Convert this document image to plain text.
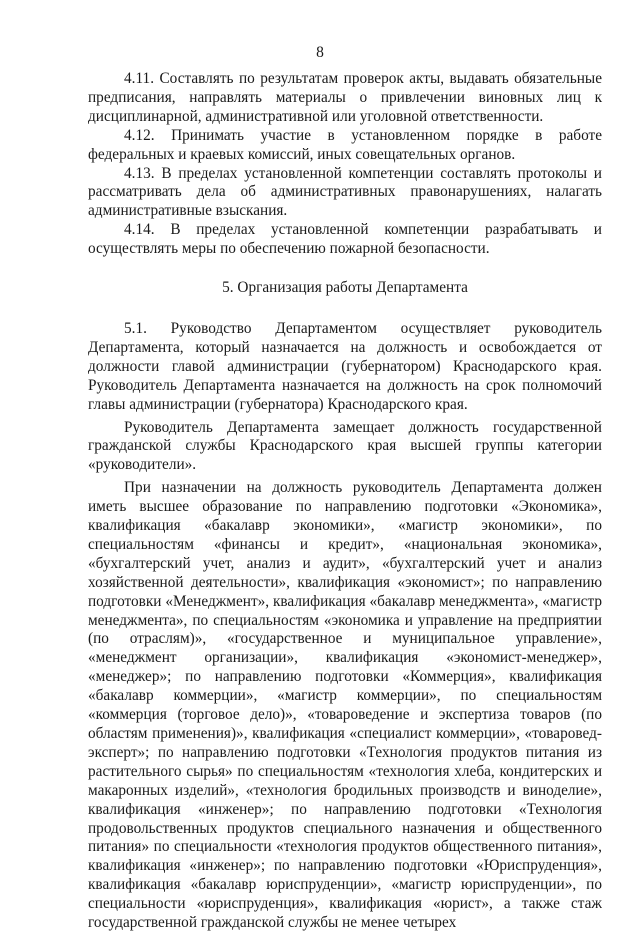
8

4.11. Составлять по результатам проверок акты, выдавать обязательные предписания, направлять материалы о привлечении виновных лиц к дисциплинарной, административной или уголовной ответственности.

4.12. Принимать участие в установленном порядке в работе федеральных и краевых комиссий, иных совещательных органов.

4.13. В пределах установленной компетенции составлять протоколы и рассматривать дела об административных правонарушениях, налагать административные взыскания.

4.14. В пределах установленной компетенции разрабатывать и осуществлять меры по обеспечению пожарной безопасности.

5. Организация работы Департамента

5.1. Руководство Департаментом осуществляет руководитель Департамента, который назначается на должность и освобождается от должности главой администрации (губернатором) Краснодарского края. Руководитель Департамента назначается на должность на срок полномочий главы администрации (губернатора) Краснодарского края.

Руководитель Департамента замещает должность государственной гражданской службы Краснодарского края высшей группы категории «руководители».

При назначении на должность руководитель Департамента должен иметь высшее образование по направлению подготовки «Экономика», квалификация «бакалавр экономики», «магистр экономики», по специальностям «финансы и кредит», «национальная экономика», «бухгалтерский учет, анализ и аудит», «бухгалтерский учет и анализ хозяйственной деятельности», квалификация «экономист»; по направлению подготовки «Менеджмент», квалификация «бакалавр менеджмента», «магистр менеджмента», по специальностям «экономика и управление на предприятии (по отраслям)», «государственное и муниципальное управление», «менеджмент организации», квалификация «экономист-менеджер», «менеджер»; по направлению подготовки «Коммерция», квалификация «бакалавр коммерции», «магистр коммерции», по специальностям «коммерция (торговое дело)», «товароведение и экспертиза товаров (по областям применения)», квалификация «специалист коммерции», «товаровед-эксперт»; по направлению подготовки «Технология продуктов питания из растительного сырья» по специальностям «технология хлеба, кондитерских и макаронных изделий», «технология бродильных производств и виноделие», квалификация «инженер»; по направлению подготовки «Технология продовольственных продуктов специального назначения и общественного питания» по специальности «технология продуктов общественного питания», квалификация «инженер»; по направлению подготовки «Юриспруденция», квалификация «бакалавр юриспруденции», «магистр юриспруденции», по специальности «юриспруденция», квалификация «юрист», а также стаж государственной гражданской службы не менее четырех
